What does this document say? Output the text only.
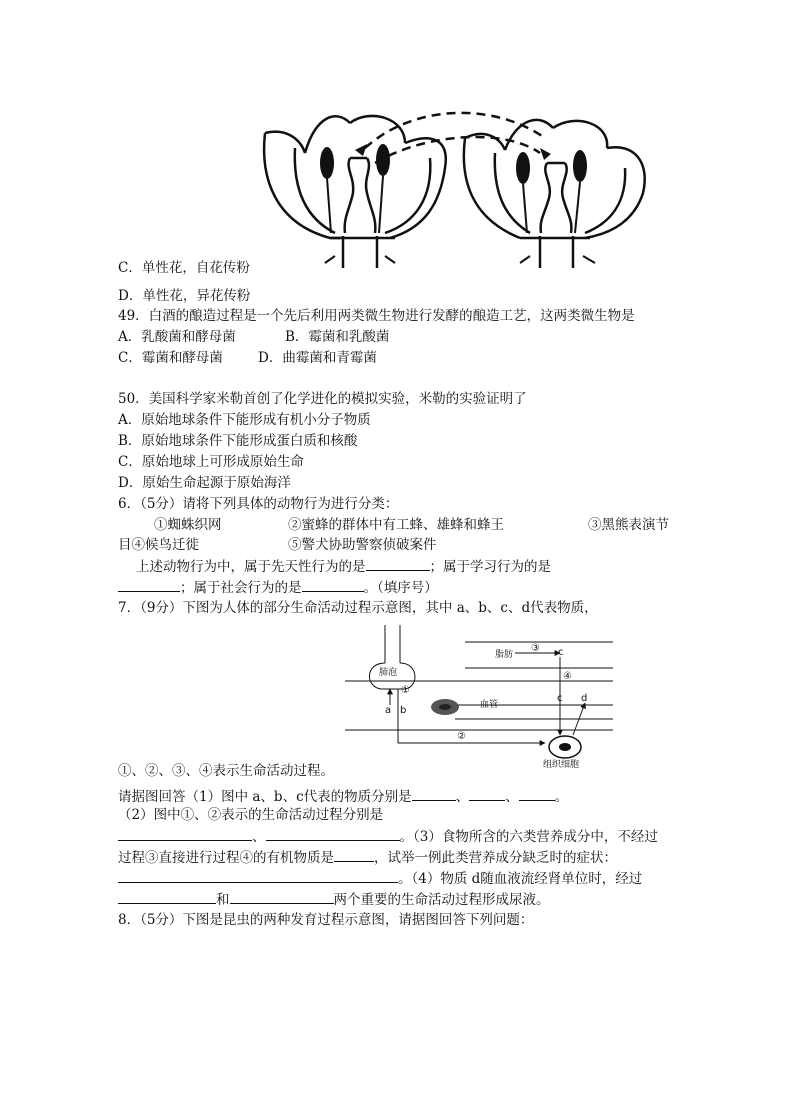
C．单性花，自花传粉
D．单性花，异花传粉
49．白酒的酿造过程是一个先后利用两类微生物进行发酵的酿造工艺，这两类微生物是
A．乳酸菌和酵母菌	B．霉菌和乳酸菌
C．霉菌和酵母菌	D．曲霉菌和青霉菌
50．美国科学家米勒首创了化学进化的模拟实验，米勒的实验证明了
A．原始地球条件下能形成有机小分子物质
B．原始地球条件下能形成蛋白质和核酸
C．原始地球上可形成原始生命
D．原始生命起源于原始海洋
6．（5分）请将下列具体的动物行为进行分类：
①蜘蛛织网	②蜜蜂的群体中有工蜂、雄蜂和蜂王	③黑熊表演节
目④候鸟迁徙	⑤警犬协助警察侦破案件
上述动物行为中，属于先天性行为的是	；属于学习行为的是
；属于社会行为的是	。（填序号）
7．（9分）下图为人体的部分生命活动过程示意图，其中 a、b、c、d代表物质，
肺泡
脂肪
血管
组织细胞
①
②
③
④
a b
c
c d
①、②、③、④表示生命活动过程。
请据图回答（1）图中 a、b、c代表的物质分别是	、	、	。
（2）图中①、②表示的生命活动过程分别是
、	。（3）食物所含的六类营养成分中，不经过
过程③直接进行过程④的有机物质是	，试举一例此类营养成分缺乏时的症状：
。（4）物质 d随血液流经肾单位时，经过
和	两个重要的生命活动过程形成尿液。
8．（5分）下图是昆虫的两种发育过程示意图，请据图回答下列问题：
